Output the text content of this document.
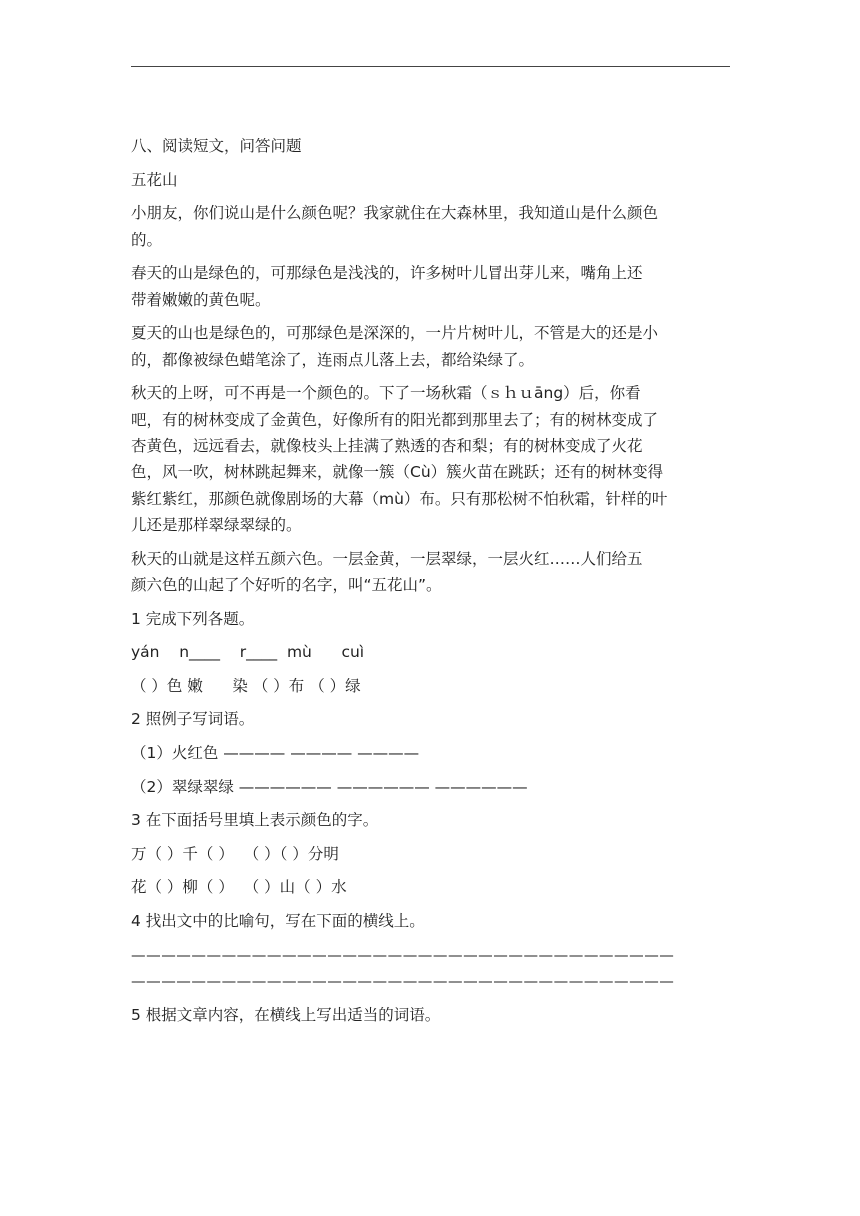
八、阅读短文，问答问题
五花山
小朋友，你们说山是什么颜色呢？我家就住在大森林里，我知道山是什么颜色
的。
春天的山是绿色的，可那绿色是浅浅的，许多树叶儿冒出芽儿来，嘴角上还
带着嫩嫩的黄色呢。
夏天的山也是绿色的，可那绿色是深深的，一片片树叶儿，不管是大的还是小
的，都像被绿色蜡笔涂了，连雨点儿落上去，都给染绿了。
秋天的上呀，可不再是一个颜色的。下了一场秋霜（ｓｈｕāng）后，你看
吧，有的树林变成了金黄色，好像所有的阳光都到那里去了；有的树林变成了
杏黄色，远远看去，就像枝头上挂满了熟透的杏和梨；有的树林变成了火花
色，风一吹，树林跳起舞来，就像一簇（Cù）簇火苗在跳跃；还有的树林变得
紫红紫红，那颜色就像剧场的大幕（mù）布。只有那松树不怕秋霜，针样的叶
儿还是那样翠绿翠绿的。
秋天的山就是这样五颜六色。一层金黄，一层翠绿，一层火红……人们给五
颜六色的山起了个好听的名字，叫“五花山”。
1 完成下列各题。
yán    n____    r____  mù      cuì
（ ）色 嫩      染 （ ）布 （ ）绿
2 照例子写词语。
（1）火红色 ———— ———— ————
（2）翠绿翠绿 —————— —————— ——————
3 在下面括号里填上表示颜色的字。
万（ ）千（ ）  （ ）（ ）分明
花（ ）柳（ ）  （ ）山（ ）水
4 找出文中的比喻句，写在下面的横线上。
————————————————————————————————————
————————————————————————————————————
5 根据文章内容，在横线上写出适当的词语。
